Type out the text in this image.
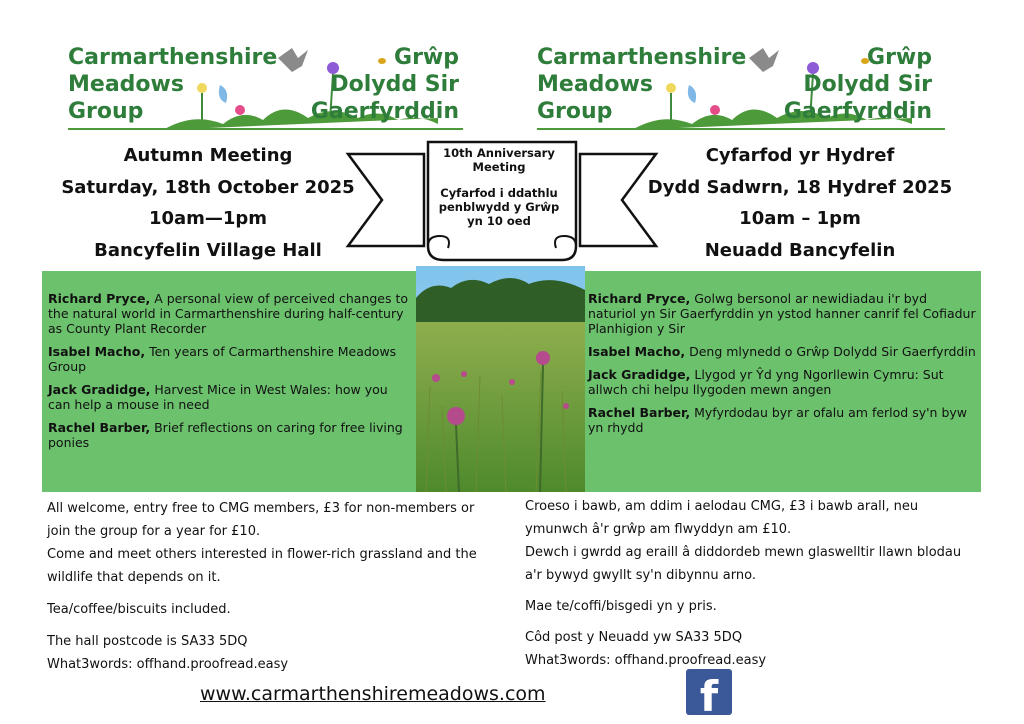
Carmarthenshire
Meadows
Group
Grŵp
Dolydd Sir
Gaerfyrddin
Carmarthenshire
Meadows
Group
Grŵp
Dolydd Sir
Gaerfyrddin
Autumn Meeting
Saturday, 18th October 2025
10am—1pm
Bancyfelin Village Hall
Cyfarfod yr Hydref
Dydd Sadwrn, 18 Hydref 2025
10am – 1pm
Neuadd Bancyfelin
10th Anniversary
Meeting
Cyfarfod i ddathlu
penblwydd y Grŵp
yn 10 oed
Richard Pryce, A personal view of perceived changes to the natural world in Carmarthenshire during half-century as County Plant Recorder
Isabel Macho, Ten years of Carmarthenshire Meadows Group
Jack Gradidge, Harvest Mice in West Wales: how you can help a mouse in need
Rachel Barber, Brief reflections on caring for free living ponies
Richard Pryce, Golwg bersonol ar newidiadau i'r byd naturiol yn Sir Gaerfyrddin yn ystod hanner canrif fel Cofiadur Planhigion y Sir
Isabel Macho, Deng mlynedd o Grŵp Dolydd Sir Gaerfyrddin
Jack Gradidge, Llygod yr Ŷd yng Ngorllewin Cymru: Sut allwch chi helpu llygoden mewn angen
Rachel Barber, Myfyrdodau byr ar ofalu am ferlod sy'n byw yn rhydd

All welcome, entry free to CMG members, £3 for non-members or

join the group for a year for £10.

Come and meet others interested in flower-rich grassland and the

wildlife that depends on it.

Tea/coffee/biscuits included.

The hall postcode is SA33 5DQ

What3words: offhand.proofread.easy

Croeso i bawb, am ddim i aelodau CMG, £3 i bawb arall, neu

ymunwch â'r grŵp am flwyddyn am £10.

Dewch i gwrdd ag eraill â diddordeb mewn glaswelltir llawn blodau

a'r bywyd gwyllt sy'n dibynnu arno.

Mae te/coffi/bisgedi yn y pris.

Côd post y Neuadd yw SA33 5DQ

What3words: offhand.proofread.easy

www.carmarthenshiremeadows.com	f
